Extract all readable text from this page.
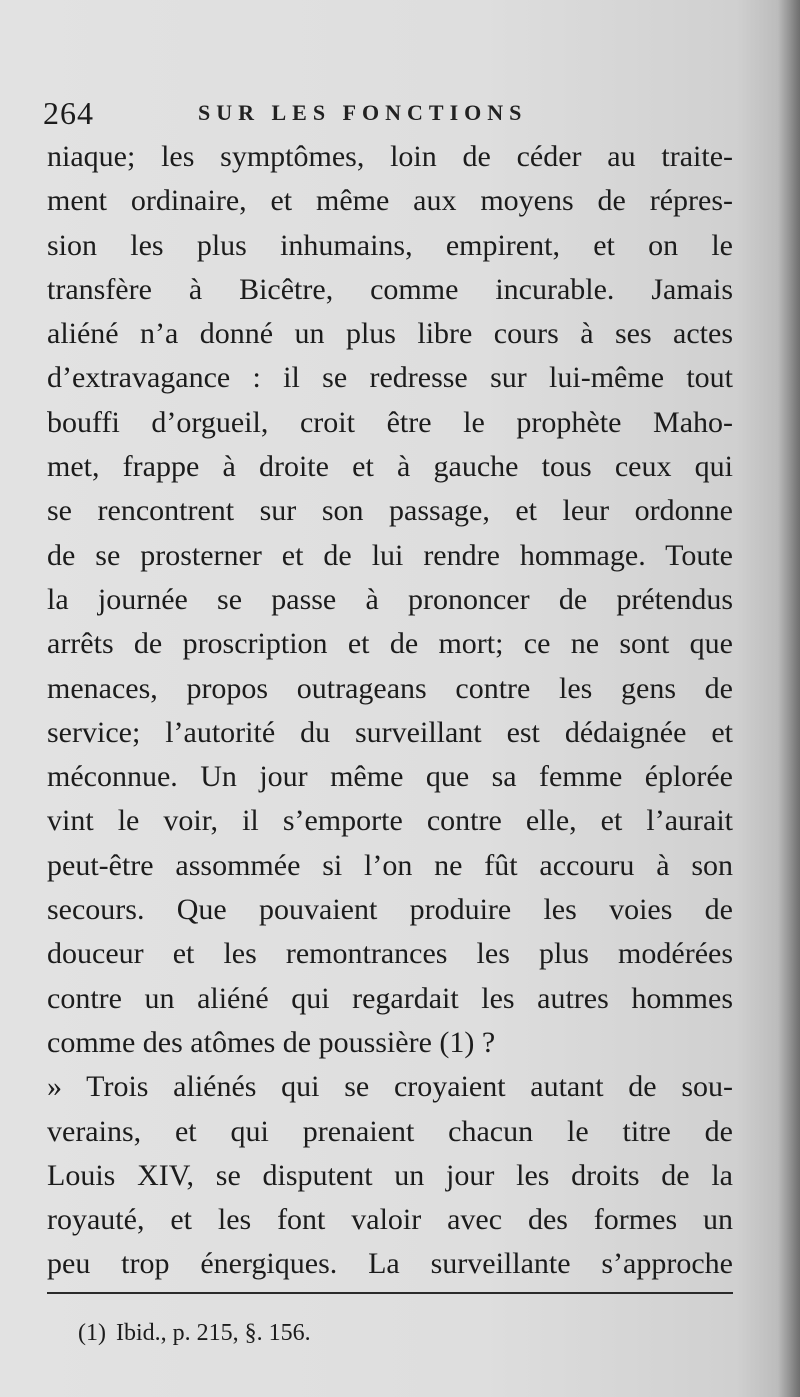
264	SUR LES FONCTIONS
niaque; les symptômes, loin de céder au traite-
ment ordinaire, et même aux moyens de répres-
sion les plus inhumains, empirent, et on le
transfère à Bicêtre, comme incurable. Jamais
aliéné n’a donné un plus libre cours à ses actes
d’extravagance : il se redresse sur lui-même tout
bouffi d’orgueil, croit être le prophète Maho-
met, frappe à droite et à gauche tous ceux qui
se rencontrent sur son passage, et leur ordonne
de se prosterner et de lui rendre hommage. Toute
la journée se passe à prononcer de prétendus
arrêts de proscription et de mort; ce ne sont que
menaces, propos outrageans contre les gens de
service; l’autorité du surveillant est dédaignée et
méconnue. Un jour même que sa femme éplorée
vint le voir, il s’emporte contre elle, et l’aurait
peut-être assommée si l’on ne fût accouru à son
secours. Que pouvaient produire les voies de
douceur et les remontrances les plus modérées
contre un aliéné qui regardait les autres hommes
comme des atômes de poussière (1) ?
» Trois aliénés qui se croyaient autant de sou-
verains, et qui prenaient chacun le titre de
Louis XIV, se disputent un jour les droits de la
royauté, et les font valoir avec des formes un
peu trop énergiques. La surveillante s’approche
(1) Ibid., p. 215, §. 156.
